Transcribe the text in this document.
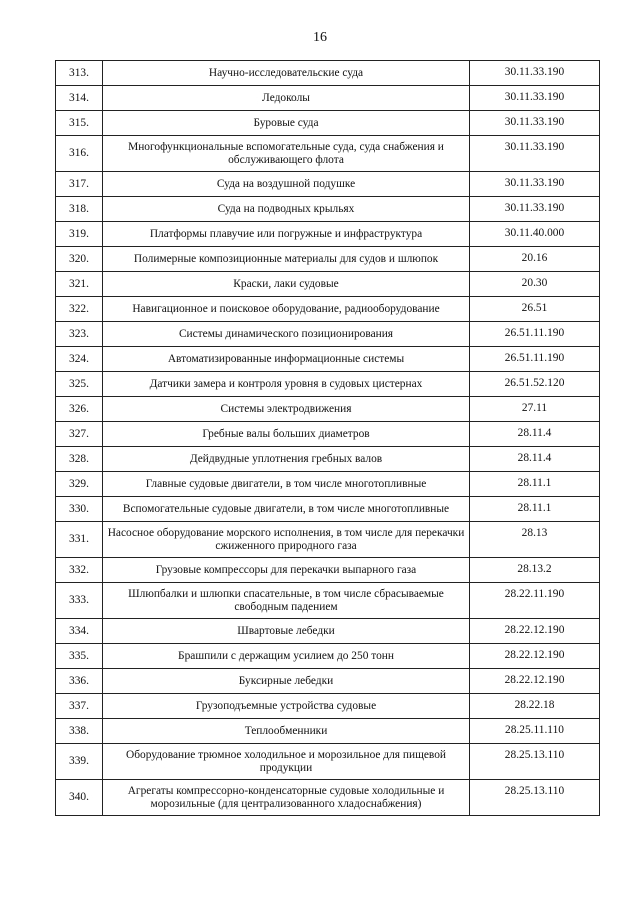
16
313.	Научно-исследовательские суда	30.11.33.190
314.	Ледоколы	30.11.33.190
315.	Буровые суда	30.11.33.190
316.	Многофункциональные вспомогательные суда, суда снабжения и обслуживающего флота	30.11.33.190
317.	Суда на воздушной подушке	30.11.33.190
318.	Суда на подводных крыльях	30.11.33.190
319.	Платформы плавучие или погружные и инфраструктура	30.11.40.000
320.	Полимерные композиционные материалы для судов и шлюпок	20.16
321.	Краски, лаки судовые	20.30
322.	Навигационное и поисковое оборудование, радиооборудование	26.51
323.	Системы динамического позиционирования	26.51.11.190
324.	Автоматизированные информационные системы	26.51.11.190
325.	Датчики замера и контроля уровня в судовых цистернах	26.51.52.120
326.	Системы электродвижения	27.11
327.	Гребные валы больших диаметров	28.11.4
328.	Дейдвудные уплотнения гребных валов	28.11.4
329.	Главные судовые двигатели, в том числе многотопливные	28.11.1
330.	Вспомогательные судовые двигатели, в том числе многотопливные	28.11.1
331.	Насосное оборудование морского исполнения, в том числе для перекачки сжиженного природного газа	28.13
332.	Грузовые компрессоры для перекачки выпарного газа	28.13.2
333.	Шлюпбалки и шлюпки спасательные, в том числе сбрасываемые свободным падением	28.22.11.190
334.	Швартовые лебедки	28.22.12.190
335.	Брашпили с держащим усилием до 250 тонн	28.22.12.190
336.	Буксирные лебедки	28.22.12.190
337.	Грузоподъемные устройства судовые	28.22.18
338.	Теплообменники	28.25.11.110
339.	Оборудование трюмное холодильное и морозильное для пищевой продукции	28.25.13.110
340.	Агрегаты компрессорно-конденсаторные судовые холодильные и морозильные (для централизованного хладоснабжения)	28.25.13.110
